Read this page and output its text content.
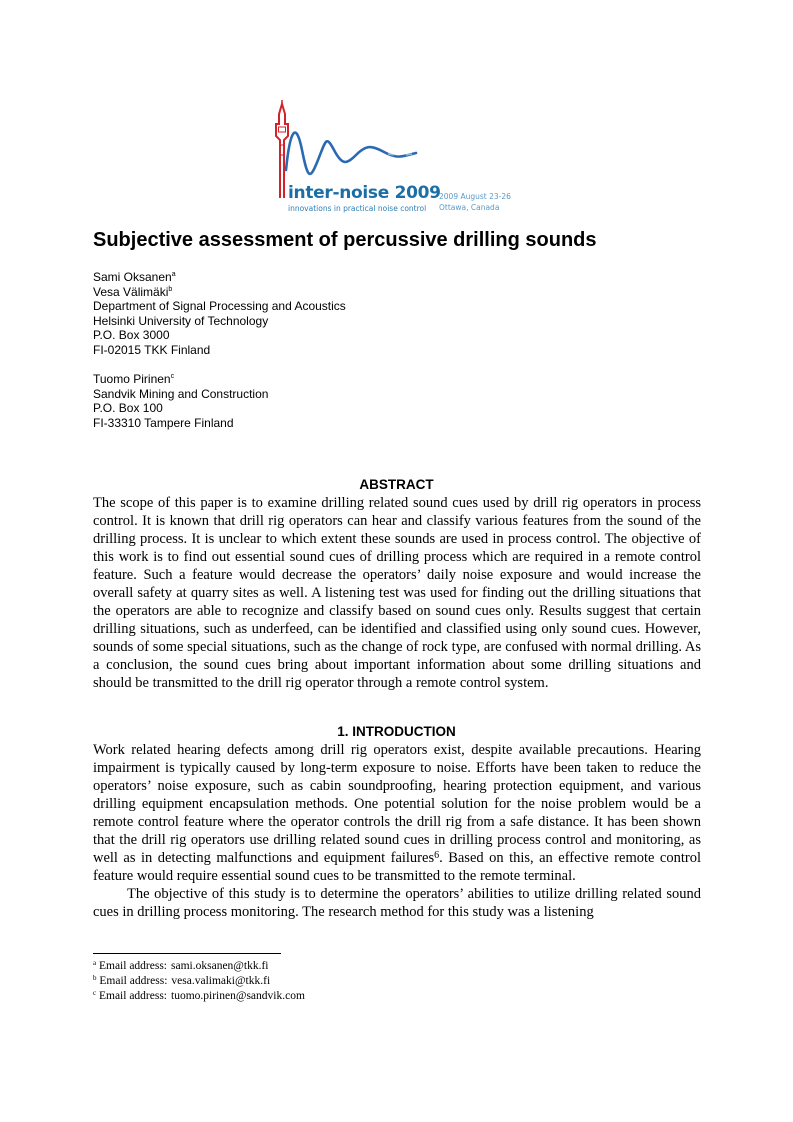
inter-noise 2009
innovations in practical noise control
2009 August 23-26
Ottawa, Canada
Subjective assessment of percussive drilling sounds
Sami Oksanen$^a$
Vesa Välimäki$^b$
Department of Signal Processing and Acoustics
Helsinki University of Technology
P.O. Box 3000
FI-02015 TKK Finland
Tuomo Pirinen$^c$
Sandvik Mining and Construction
P.O. Box 100
FI-33310 Tampere Finland
ABSTRACT

The scope of this paper is to examine drilling related sound cues used by drill rig operators in process control. It is known that drill rig operators can hear and classify various features from the sound of the drilling process. It is unclear to which extent these sounds are used in process control. The objective of this work is to find out essential sound cues of drilling process which are required in a remote control feature. Such a feature would decrease the operators’ daily noise exposure and would increase the overall safety at quarry sites as well. A listening test was used for finding out the drilling situations that the operators are able to recognize and classify based on sound cues only. Results suggest that certain drilling situations, such as underfeed, can be identified and classified using only sound cues. However, sounds of some special situations, such as the change of rock type, are confused with normal drilling. As a conclusion, the sound cues bring about important information about some drilling situations and should be transmitted to the drill rig operator through a remote control system.

1. INTRODUCTION

Work related hearing defects among drill rig operators exist, despite available precautions. Hearing impairment is typically caused by long-term exposure to noise. Efforts have been taken to reduce the operators’ noise exposure, such as cabin soundproofing, hearing protection equipment, and various drilling equipment encapsulation methods. One potential solution for the noise problem would be a remote control feature where the operator controls the drill rig from a safe distance. It has been shown that the drill rig operators use drilling related sound cues in drilling process control and monitoring, as well as in detecting malfunctions and equipment failures$^6$. Based on this, an effective remote control feature would require essential sound cues to be transmitted to the remote terminal.

The objective of this study is to determine the operators’ abilities to utilize drilling related sound cues in drilling process monitoring. The research method for this study was a listening

$^a$ Email address: sami.oksanen@tkk.fi
$^b$ Email address: vesa.valimaki@tkk.fi
$^c$ Email address: tuomo.pirinen@sandvik.com
